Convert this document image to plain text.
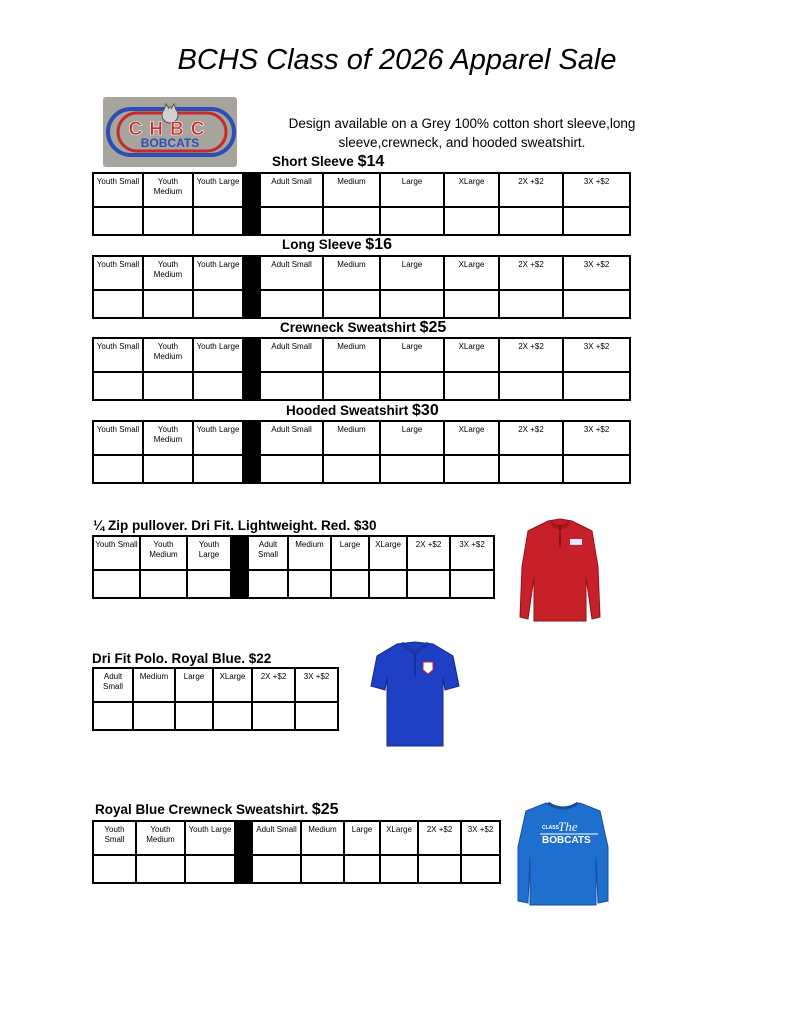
BCHS Class of 2026 Apparel Sale
CHBC
BOBCATS
Design available on a Grey 100% cotton short sleeve,long sleeve,crewneck, and hooded sweatshirt.
Short Sleeve $14
Long Sleeve $16
Crewneck Sweatshirt $25
Hooded Sweatshirt $30
¼ Zip pullover. Dri Fit. Lightweight. Red. $30
Dri Fit Polo. Royal Blue. $22
Royal Blue Crewneck Sweatshirt. $25
Youth Small	Youth Medium	Youth Large		Adult Small	Medium	Large	XLarge	2X +$2	3X +$2

Youth Small	Youth Medium	Youth Large		Adult Small	Medium	Large	XLarge	2X +$2	3X +$2

Youth Small	Youth Medium	Youth Large		Adult Small	Medium	Large	XLarge	2X +$2	3X +$2

Youth Small	Youth Medium	Youth Large		Adult Small	Medium	Large	XLarge	2X +$2	3X +$2

Youth Small	Youth Medium	Youth Large		Adult Small	Medium	Large	XLarge	2X +$2	3X +$2

Adult Small	Medium	Large	XLarge	2X +$2	3X +$2

Youth Small	Youth Medium	Youth Large		Adult Small	Medium	Large	XLarge	2X +$2	3X +$2
										CLASS The
BOBCATS
